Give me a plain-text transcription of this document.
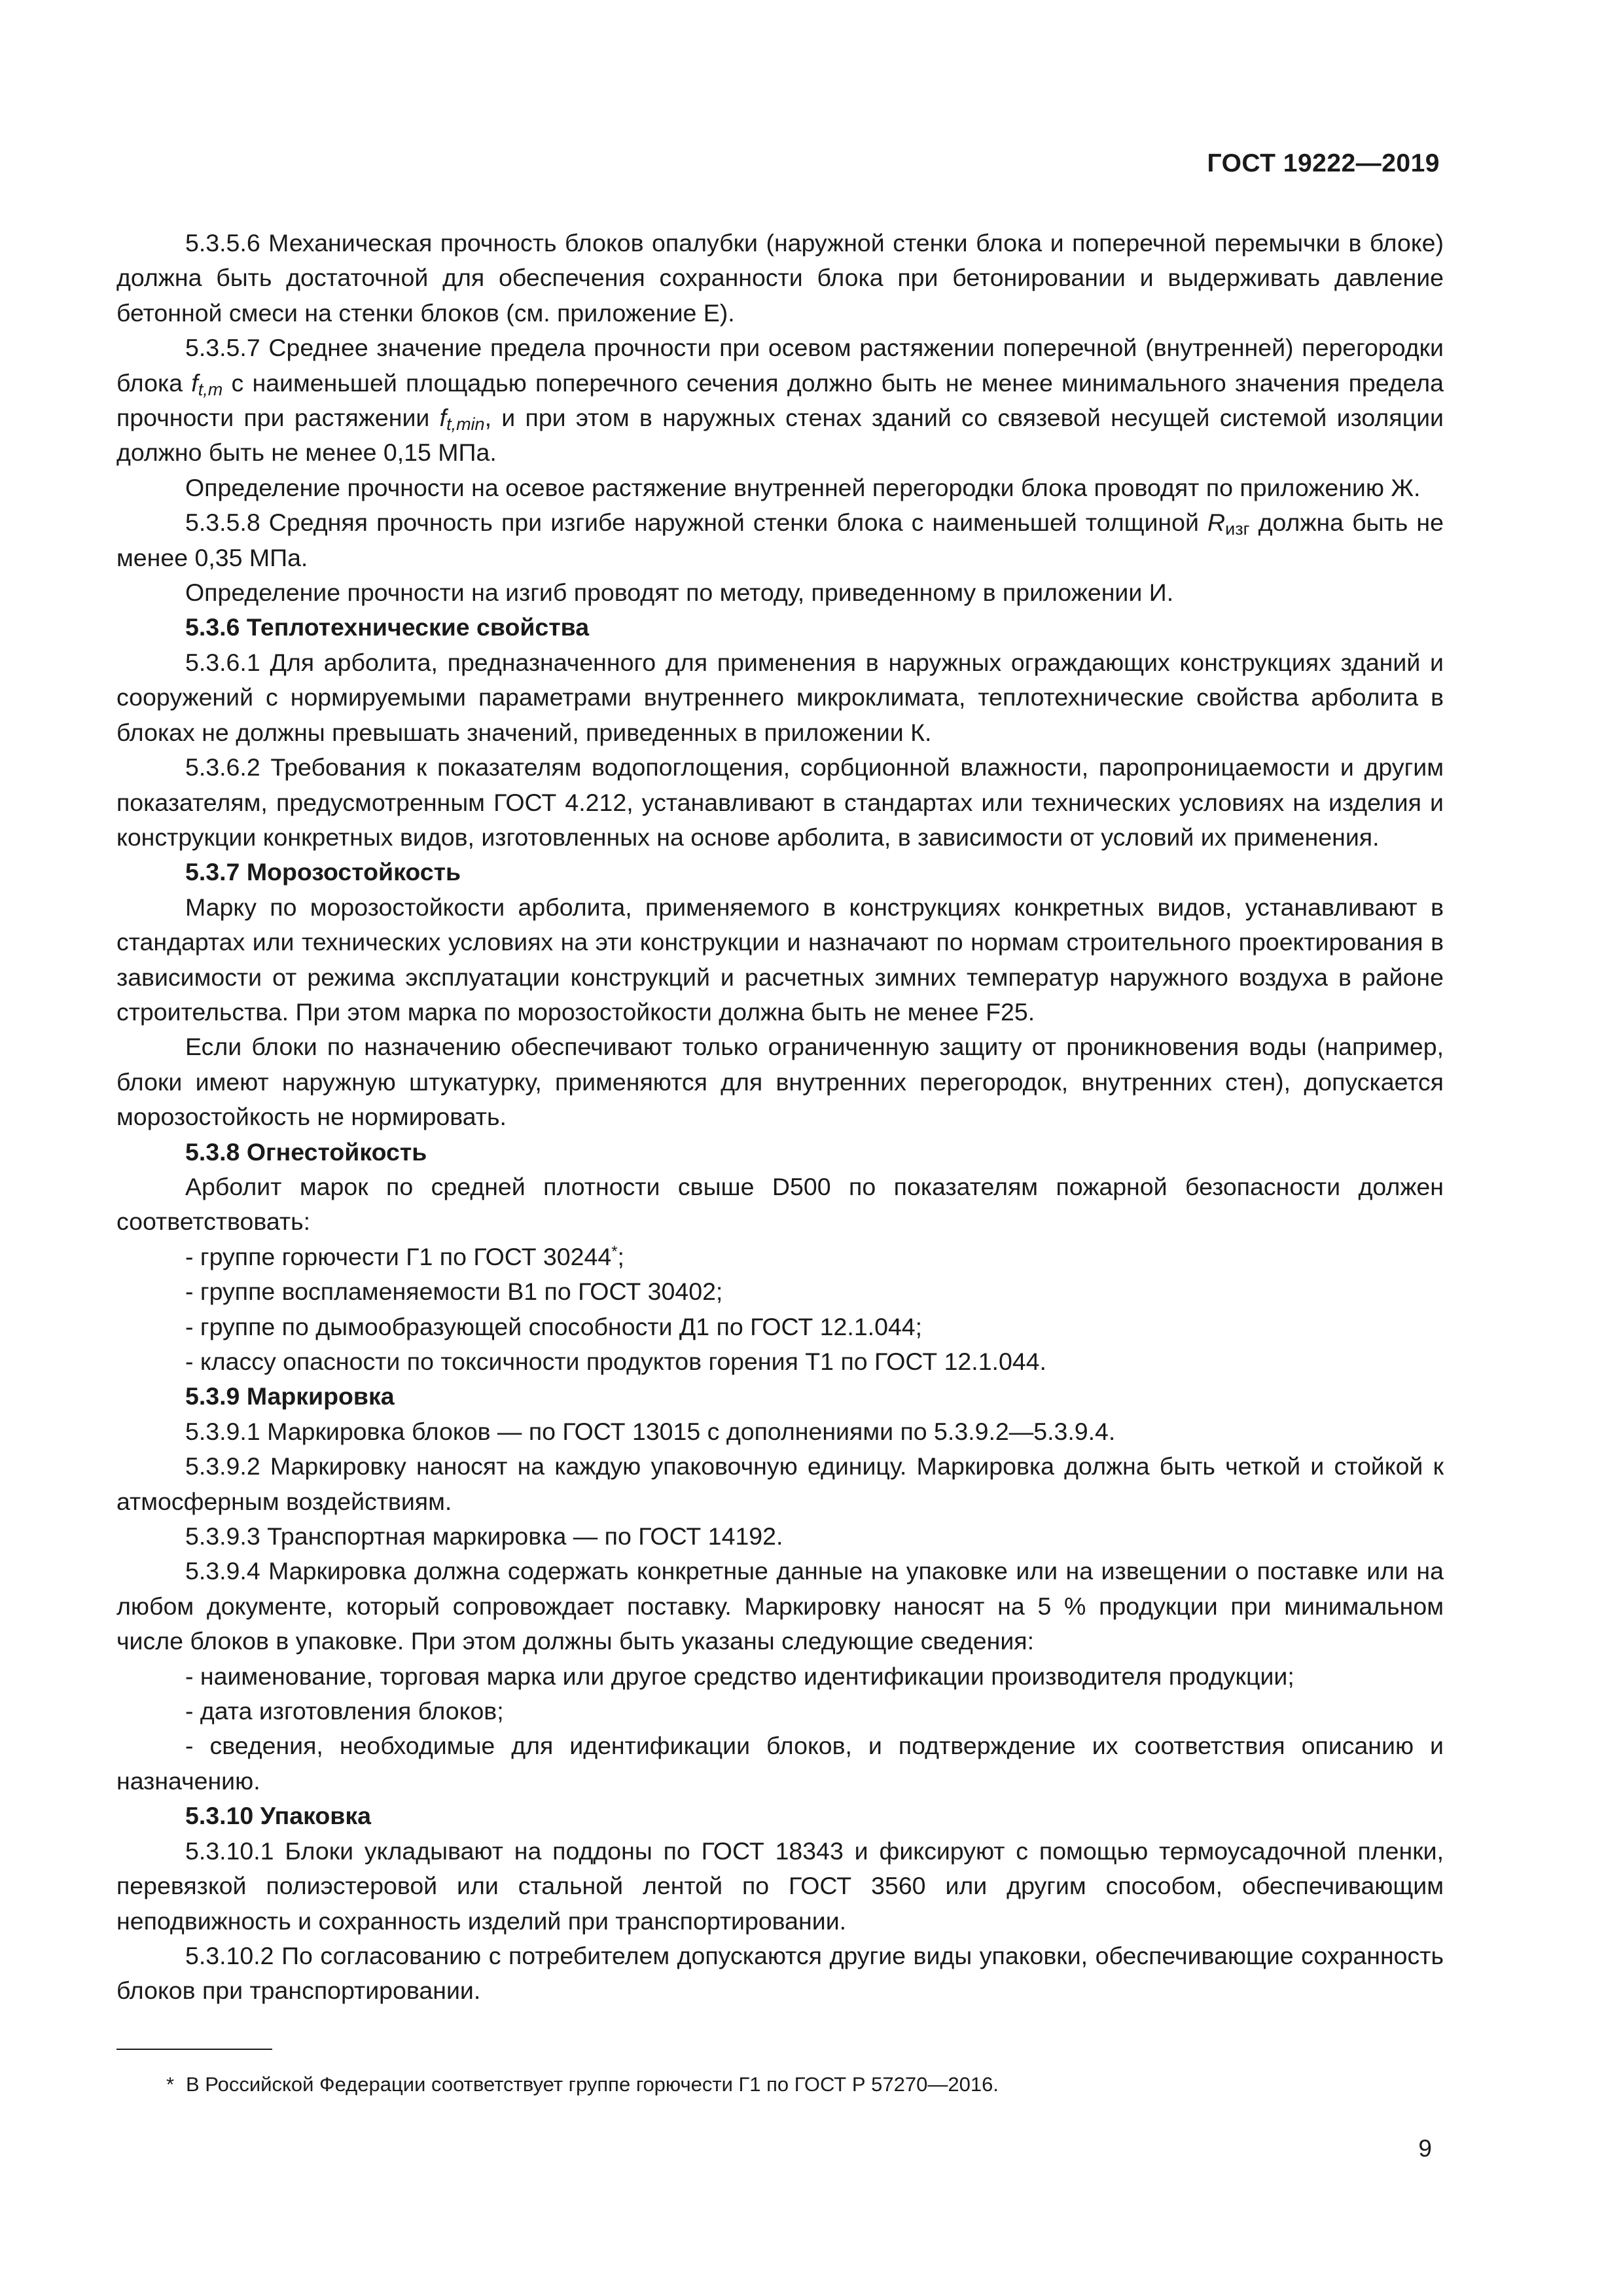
ГОСТ 19222—2019

5.3.5.6 Механическая прочность блоков опалубки (наружной стенки блока и поперечной перемычки в блоке) должна быть достаточной для обеспечения сохранности блока при бетонировании и выдерживать давление бетонной смеси на стенки блоков (см. приложение Е).

5.3.5.7 Среднее значение предела прочности при осевом растяжении поперечной (внутренней) перегородки блока $f_{t,m}$ с наименьшей площадью поперечного сечения должно быть не менее минимального значения предела прочности при растяжении $f_{t,min}$, и при этом в наружных стенах зданий со связевой несущей системой изоляции должно быть не менее 0,15 МПа.

Определение прочности на осевое растяжение внутренней перегородки блока проводят по приложению Ж.

5.3.5.8 Средняя прочность при изгибе наружной стенки блока с наименьшей толщиной $R_{изг}$ должна быть не менее 0,35 МПа.

Определение прочности на изгиб проводят по методу, приведенному в приложении И.

5.3.6 Теплотехнические свойства

5.3.6.1 Для арболита, предназначенного для применения в наружных ограждающих конструкциях зданий и сооружений с нормируемыми параметрами внутреннего микроклимата, теплотехнические свойства арболита в блоках не должны превышать значений, приведенных в приложении К.

5.3.6.2 Требования к показателям водопоглощения, сорбционной влажности, паропроницаемости и другим показателям, предусмотренным ГОСТ 4.212, устанавливают в стандартах или технических условиях на изделия и конструкции конкретных видов, изготовленных на основе арболита, в зависимости от условий их применения.

5.3.7 Морозостойкость

Марку по морозостойкости арболита, применяемого в конструкциях конкретных видов, устанавливают в стандартах или технических условиях на эти конструкции и назначают по нормам строительного проектирования в зависимости от режима эксплуатации конструкций и расчетных зимних температур наружного воздуха в районе строительства. При этом марка по морозостойкости должна быть не менее F25.

Если блоки по назначению обеспечивают только ограниченную защиту от проникновения воды (например, блоки имеют наружную штукатурку, применяются для внутренних перегородок, внутренних стен), допускается морозостойкость не нормировать.

5.3.8 Огнестойкость

Арболит марок по средней плотности свыше D500 по показателям пожарной безопасности должен соответствовать:

- группе горючести Г1 по ГОСТ 30244*;

- группе воспламеняемости В1 по ГОСТ 30402;

- группе по дымообразующей способности Д1 по ГОСТ 12.1.044;

- классу опасности по токсичности продуктов горения Т1 по ГОСТ 12.1.044.

5.3.9 Маркировка

5.3.9.1 Маркировка блоков — по ГОСТ 13015 с дополнениями по 5.3.9.2—5.3.9.4.

5.3.9.2 Маркировку наносят на каждую упаковочную единицу. Маркировка должна быть четкой и стойкой к атмосферным воздействиям.

5.3.9.3 Транспортная маркировка — по ГОСТ 14192.

5.3.9.4 Маркировка должна содержать конкретные данные на упаковке или на извещении о поставке или на любом документе, который сопровождает поставку. Маркировку наносят на 5 % продукции при минимальном числе блоков в упаковке. При этом должны быть указаны следующие сведения:

- наименование, торговая марка или другое средство идентификации производителя продукции;

- дата изготовления блоков;

- сведения, необходимые для идентификации блоков, и подтверждение их соответствия описанию и назначению.

5.3.10 Упаковка

5.3.10.1 Блоки укладывают на поддоны по ГОСТ 18343 и фиксируют с помощью термоусадочной пленки, перевязкой полиэстеровой или стальной лентой по ГОСТ 3560 или другим способом, обеспечивающим неподвижность и сохранность изделий при транспортировании.

5.3.10.2 По согласованию с потребителем допускаются другие виды упаковки, обеспечивающие сохранность блоков при транспортировании.

* В Российской Федерации соответствует группе горючести Г1 по ГОСТ Р 57270—2016.
9
